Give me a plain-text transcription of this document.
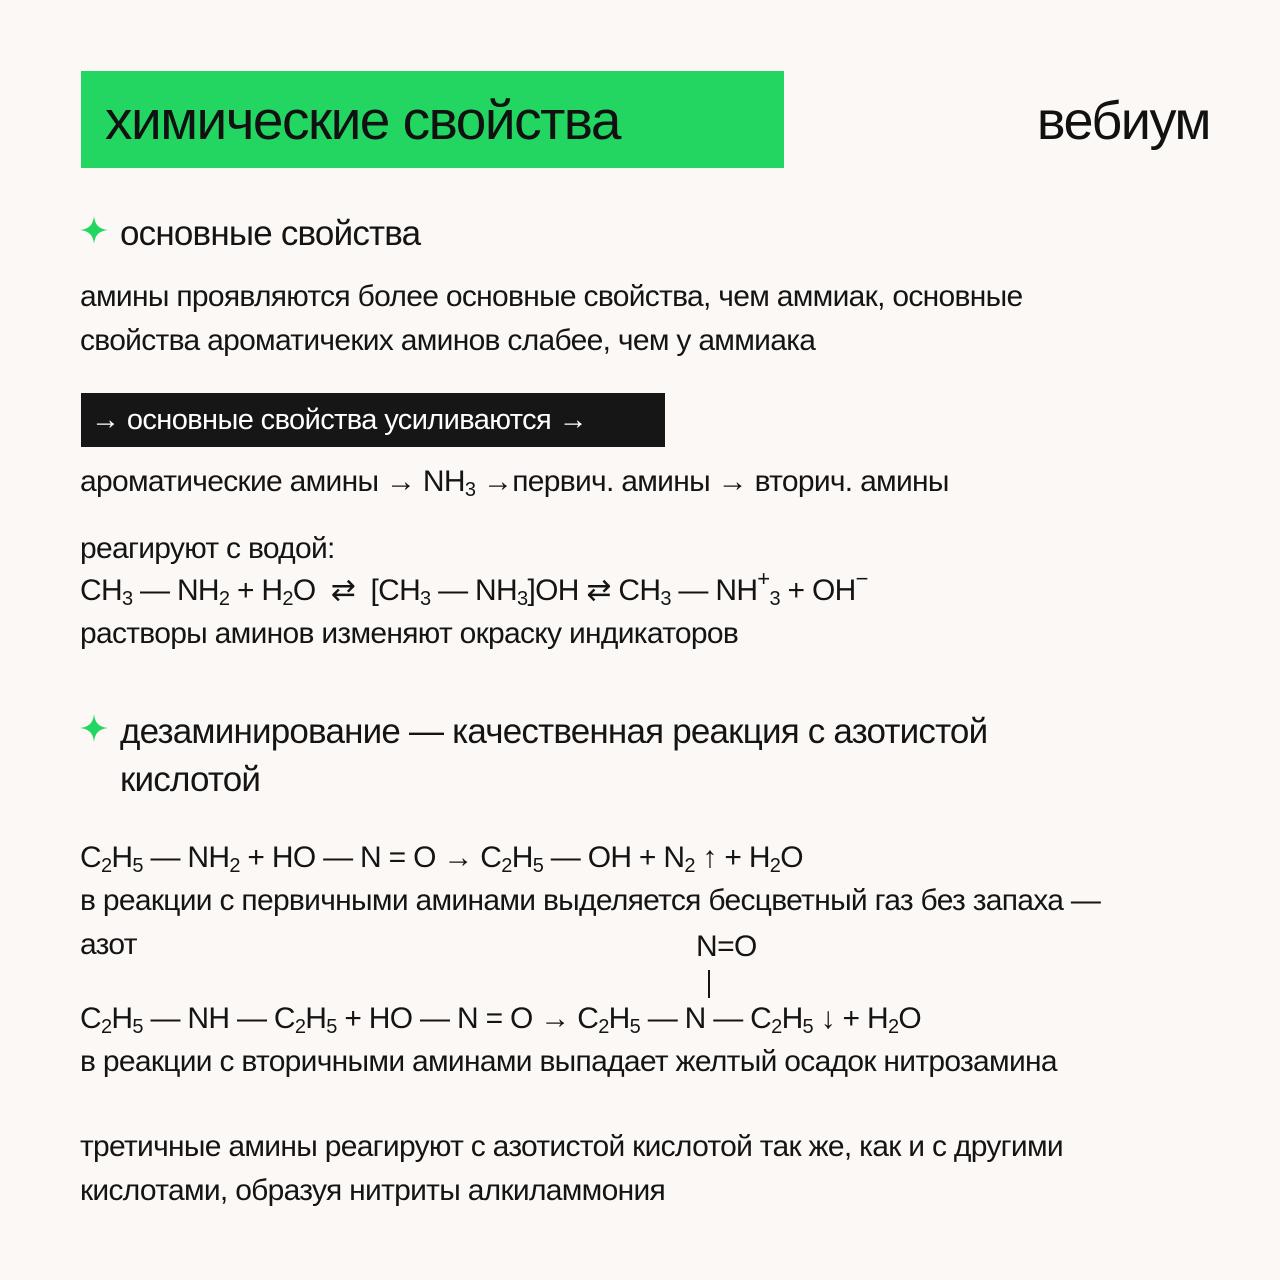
химические свойства	вебиум
основные свойства
амины проявляются более основные свойства, чем аммиак, основные
свойства ароматичеких аминов слабее, чем у аммиака
→ основные свойства усиливаются →
ароматические амины → $NH_3$ →первич. амины → вторич. амины
реагируют с водой:
$CH_3$ — $NH_2 + H_2O$ ⇄ [$CH_3$ — $NH_3]OH$ ⇄ $CH_3$ — $NH^+_3 + OH^-$
растворы аминов изменяют окраску индикаторов
дезаминирование — качественная реакция с азотистой
кислотой
$C_2H_5$ — $NH_2$ + HO — $N = O \to C_2H_5$ — OH + $N_2$ ↑ + $H_2O$
в реакции с первичными аминами выделяется бесцветный газ без запаха —
азот	N=O
$C_2H_5$ — NH — $C_2H_5$ + HO — $N = O \to C_2H_5$ — N — $C_2H_5$ ↓ + $H_2O$
в реакции с вторичными аминами выпадает желтый осадок нитрозамина
третичные амины реагируют с азотистой кислотой так же, как и с другими
кислотами, образуя нитриты алкиламмония
